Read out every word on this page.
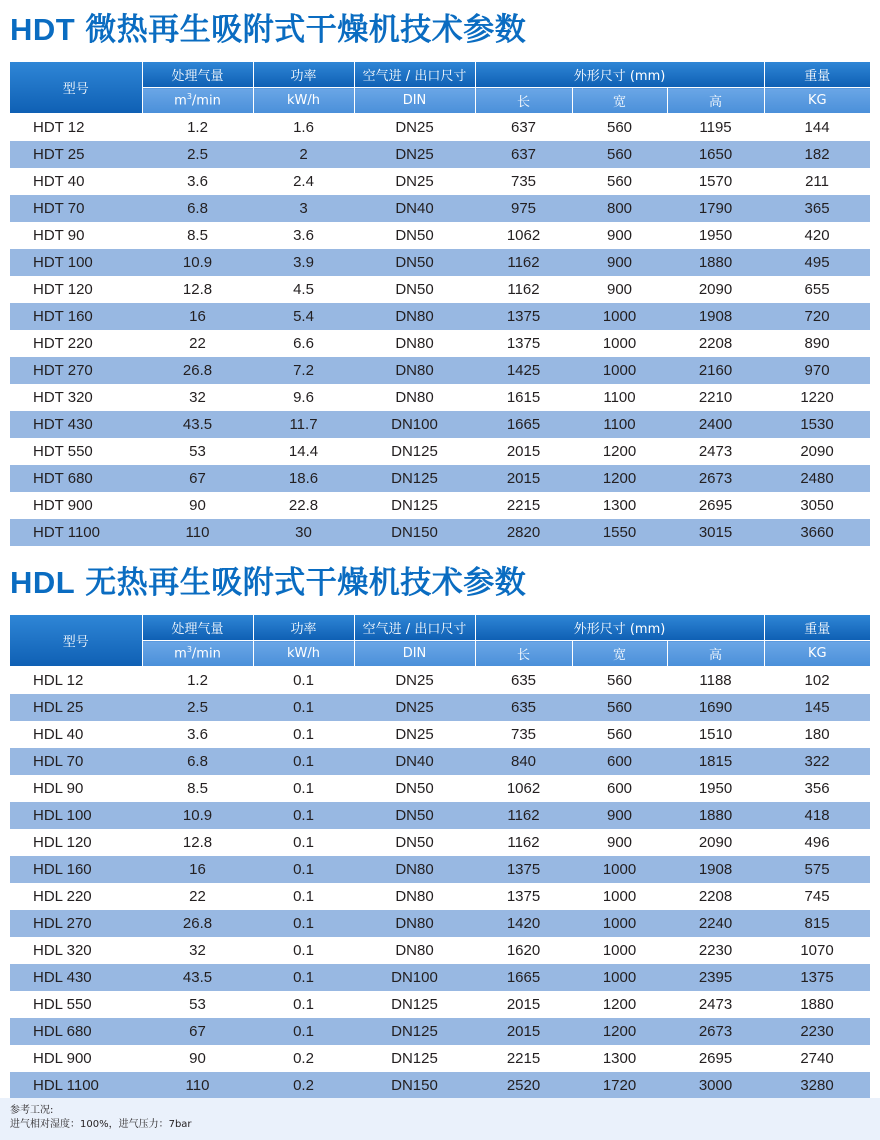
HDT 微热再生吸附式干燥机技术参数
型号	处理气量	功率	空气进 / 出口尺寸	外形尺寸 (mm)			重量
	$m^3/\min$	kW/h	DIN	长	宽	高	KG
HDT 12	1.2	1.6	DN25	637	560	1195	144
HDT 25	2.5	2	DN25	637	560	1650	182
HDT 40	3.6	2.4	DN25	735	560	1570	211
HDT 70	6.8	3	DN40	975	800	1790	365
HDT 90	8.5	3.6	DN50	1062	900	1950	420
HDT 100	10.9	3.9	DN50	1162	900	1880	495
HDT 120	12.8	4.5	DN50	1162	900	2090	655
HDT 160	16	5.4	DN80	1375	1000	1908	720
HDT 220	22	6.6	DN80	1375	1000	2208	890
HDT 270	26.8	7.2	DN80	1425	1000	2160	970
HDT 320	32	9.6	DN80	1615	1100	2210	1220
HDT 430	43.5	11.7	DN100	1665	1100	2400	1530
HDT 550	53	14.4	DN125	2015	1200	2473	2090
HDT 680	67	18.6	DN125	2015	1200	2673	2480
HDT 900	90	22.8	DN125	2215	1300	2695	3050
HDT 1100	110	30	DN150	2820	1550	3015	3660
HDL 无热再生吸附式干燥机技术参数
型号	处理气量	功率	空气进 / 出口尺寸	外形尺寸 (mm)			重量
	$m^3/\min$	kW/h	DIN	长	宽	高	KG
HDL 12	1.2	0.1	DN25	635	560	1188	102
HDL 25	2.5	0.1	DN25	635	560	1690	145
HDL 40	3.6	0.1	DN25	735	560	1510	180
HDL 70	6.8	0.1	DN40	840	600	1815	322
HDL 90	8.5	0.1	DN50	1062	600	1950	356
HDL 100	10.9	0.1	DN50	1162	900	1880	418
HDL 120	12.8	0.1	DN50	1162	900	2090	496
HDL 160	16	0.1	DN80	1375	1000	1908	575
HDL 220	22	0.1	DN80	1375	1000	2208	745
HDL 270	26.8	0.1	DN80	1420	1000	2240	815
HDL 320	32	0.1	DN80	1620	1000	2230	1070
HDL 430	43.5	0.1	DN100	1665	1000	2395	1375
HDL 550	53	0.1	DN125	2015	1200	2473	1880
HDL 680	67	0.1	DN125	2015	1200	2673	2230
HDL 900	90	0.2	DN125	2215	1300	2695	2740
HDL 1100	110	0.2	DN150	2520	1720	3000	3280
参考工况:
进气相对湿度：100%，进气压力：7bar
